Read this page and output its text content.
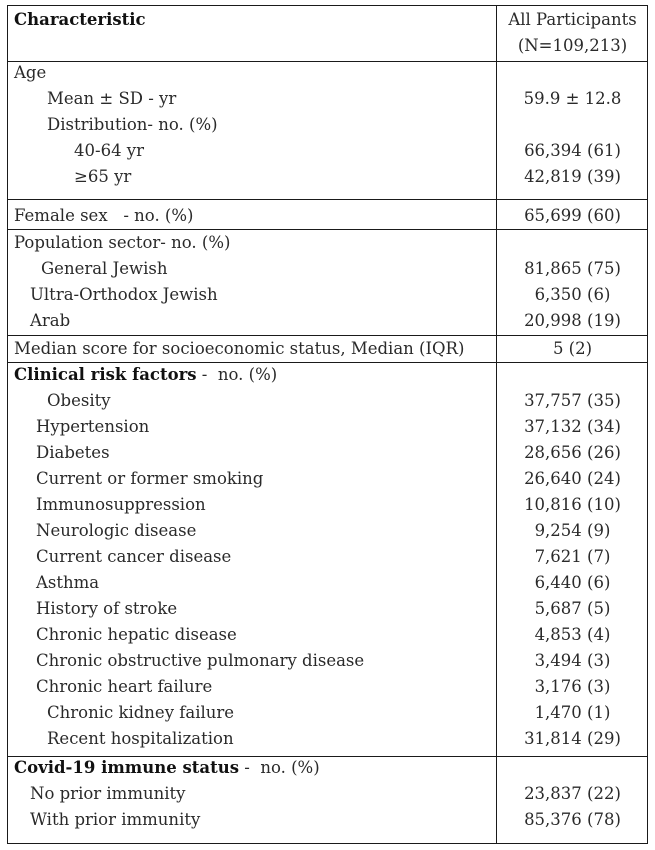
Characteristic	All Participants
(N=109,213)
Age
Mean ± SD - yr	59.9 ± 12.8
Distribution- no. (%)
40-64 yr	66,394 (61)
≥65 yr	42,819 (39)
Female sex   - no. (%)	65,699 (60)
Population sector- no. (%)
General Jewish	81,865 (75)
Ultra-Orthodox Jewish	6,350 (6)
Arab	20,998 (19)
Median score for socioeconomic status, Median (IQR)	5 (2)
Clinical risk factors -  no. (%)
Obesity	37,757 (35)
Hypertension	37,132 (34)
Diabetes	28,656 (26)
Current or former smoking	26,640 (24)
Immunosuppression	10,816 (10)
Neurologic disease	9,254 (9)
Current cancer disease	7,621 (7)
Asthma	6,440 (6)
History of stroke	5,687 (5)
Chronic hepatic disease	4,853 (4)
Chronic obstructive pulmonary disease	3,494 (3)
Chronic heart failure	3,176 (3)
Chronic kidney failure	1,470 (1)
Recent hospitalization	31,814 (29)
Covid-19 immune status -  no. (%)
No prior immunity	23,837 (22)
With prior immunity	85,376 (78)
